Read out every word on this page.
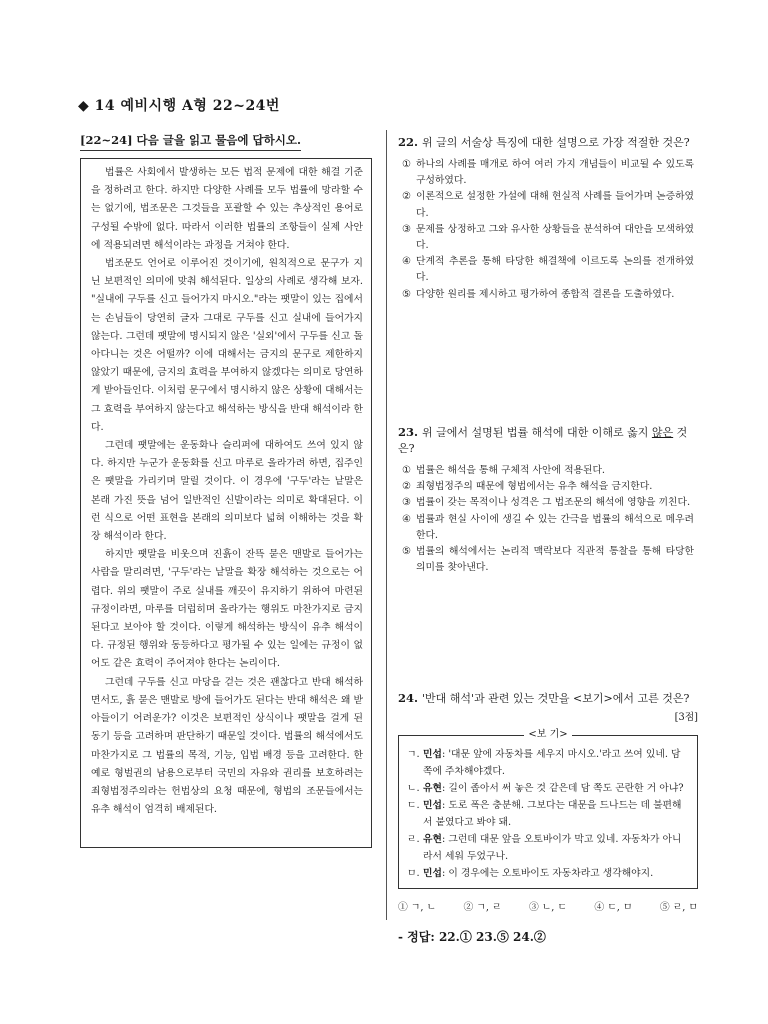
◆ 14 예비시행 A형 22~24번
[22~24] 다음 글을 읽고 물음에 답하시오.

법률은 사회에서 발생하는 모든 법적 문제에 대한 해결 기준을 정하려고 한다. 하지만 다양한 사례를 모두 법률에 망라할 수는 없기에, 법조문은 그것들을 포괄할 수 있는 추상적인 용어로 구성될 수밖에 없다. 따라서 이러한 법률의 조항들이 실제 사안에 적용되려면 해석이라는 과정을 거쳐야 한다.

법조문도 언어로 이루어진 것이기에, 원칙적으로 문구가 지닌 보편적인 의미에 맞춰 해석된다. 일상의 사례로 생각해 보자. "실내에 구두를 신고 들어가지 마시오."라는 팻말이 있는 집에서는 손님들이 당연히 글자 그대로 구두를 신고 실내에 들어가지 않는다. 그런데 팻말에 명시되지 않은 '실외'에서 구두를 신고 돌아다니는 것은 어떨까? 이에 대해서는 금지의 문구로 제한하지 않았기 때문에, 금지의 효력을 부여하지 않겠다는 의미로 당연하게 받아들인다. 이처럼 문구에서 명시하지 않은 상황에 대해서는 그 효력을 부여하지 않는다고 해석하는 방식을 반대 해석이라 한다.

그런데 팻말에는 운동화나 슬리퍼에 대하여도 쓰여 있지 않다. 하지만 누군가 운동화를 신고 마루로 올라가려 하면, 집주인은 팻말을 가리키며 말릴 것이다. 이 경우에 '구두'라는 낱말은 본래 가진 뜻을 넘어 일반적인 신발이라는 의미로 확대된다. 이런 식으로 어떤 표현을 본래의 의미보다 넓혀 이해하는 것을 확장 해석이라 한다.

하지만 팻말을 비웃으며 진흙이 잔뜩 묻은 맨발로 들어가는 사람을 말리려면, '구두'라는 낱말을 확장 해석하는 것으로는 어렵다. 위의 팻말이 주로 실내를 깨끗이 유지하기 위하여 마련된 규정이라면, 마루를 더럽히며 올라가는 행위도 마찬가지로 금지된다고 보아야 할 것이다. 이렇게 해석하는 방식이 유추 해석이다. 규정된 행위와 동등하다고 평가될 수 있는 일에는 규정이 없어도 같은 효력이 주어져야 한다는 논리이다.

그런데 구두를 신고 마당을 걷는 것은 괜찮다고 반대 해석하면서도, 흙 묻은 맨발로 방에 들어가도 된다는 반대 해석은 왜 받아들이기 어려운가? 이것은 보편적인 상식이나 팻말을 걸게 된 동기 등을 고려하며 판단하기 때문일 것이다. 법률의 해석에서도 마찬가지로 그 법률의 목적, 기능, 입법 배경 등을 고려한다. 한 예로 형벌권의 남용으로부터 국민의 자유와 권리를 보호하려는 죄형법정주의라는 헌법상의 요청 때문에, 형법의 조문들에서는 유추 해석이 엄격히 배제된다.

22. 위 글의 서술상 특징에 대한 설명으로 가장 적절한 것은?
① 하나의 사례를 매개로 하여 여러 가지 개념들이 비교될 수 있도록 구성하였다.
② 이론적으로 설정한 가설에 대해 현실적 사례를 들어가며 논증하였다.
③ 문제를 상정하고 그와 유사한 상황들을 분석하여 대안을 모색하였다.
④ 단계적 추론을 통해 타당한 해결책에 이르도록 논의를 전개하였다.
⑤ 다양한 원리를 제시하고 평가하여 종합적 결론을 도출하였다.
23. 위 글에서 설명된 법률 해석에 대한 이해로 옳지 않은 것은?
① 법률은 해석을 통해 구체적 사안에 적용된다.
② 죄형법정주의 때문에 형법에서는 유추 해석을 금지한다.
③ 법률이 갖는 목적이나 성격은 그 법조문의 해석에 영향을 끼친다.
④ 법률과 현실 사이에 생길 수 있는 간극을 법률의 해석으로 메우려 한다.
⑤ 법률의 해석에서는 논리적 맥락보다 직관적 통찰을 통해 타당한 의미를 찾아낸다.
24. '반대 해석'과 관련 있는 것만을 <보기>에서 고른 것은?
[3점]
<보 기>
ㄱ. 민섭: '대문 앞에 자동차를 세우지 마시오.'라고 쓰여 있네. 담 쪽에 주차해야겠다.
ㄴ. 유현: 길이 좁아서 써 놓은 것 같은데 담 쪽도 곤란한 거 아냐?
ㄷ. 민섭: 도로 폭은 충분해. 그보다는 대문을 드나드는 데 불편해서 붙였다고 봐야 돼.
ㄹ. 유현: 그런데 대문 앞을 오토바이가 막고 있네. 자동차가 아니라서 세워 두었구나.
ㅁ. 민섭: 이 경우에는 오토바이도 자동차라고 생각해야지.
① ㄱ, ㄴ	② ㄱ, ㄹ	③ ㄴ, ㄷ	④ ㄷ, ㅁ	⑤ ㄹ, ㅁ
- 정답: 22.① 23.⑤ 24.②
